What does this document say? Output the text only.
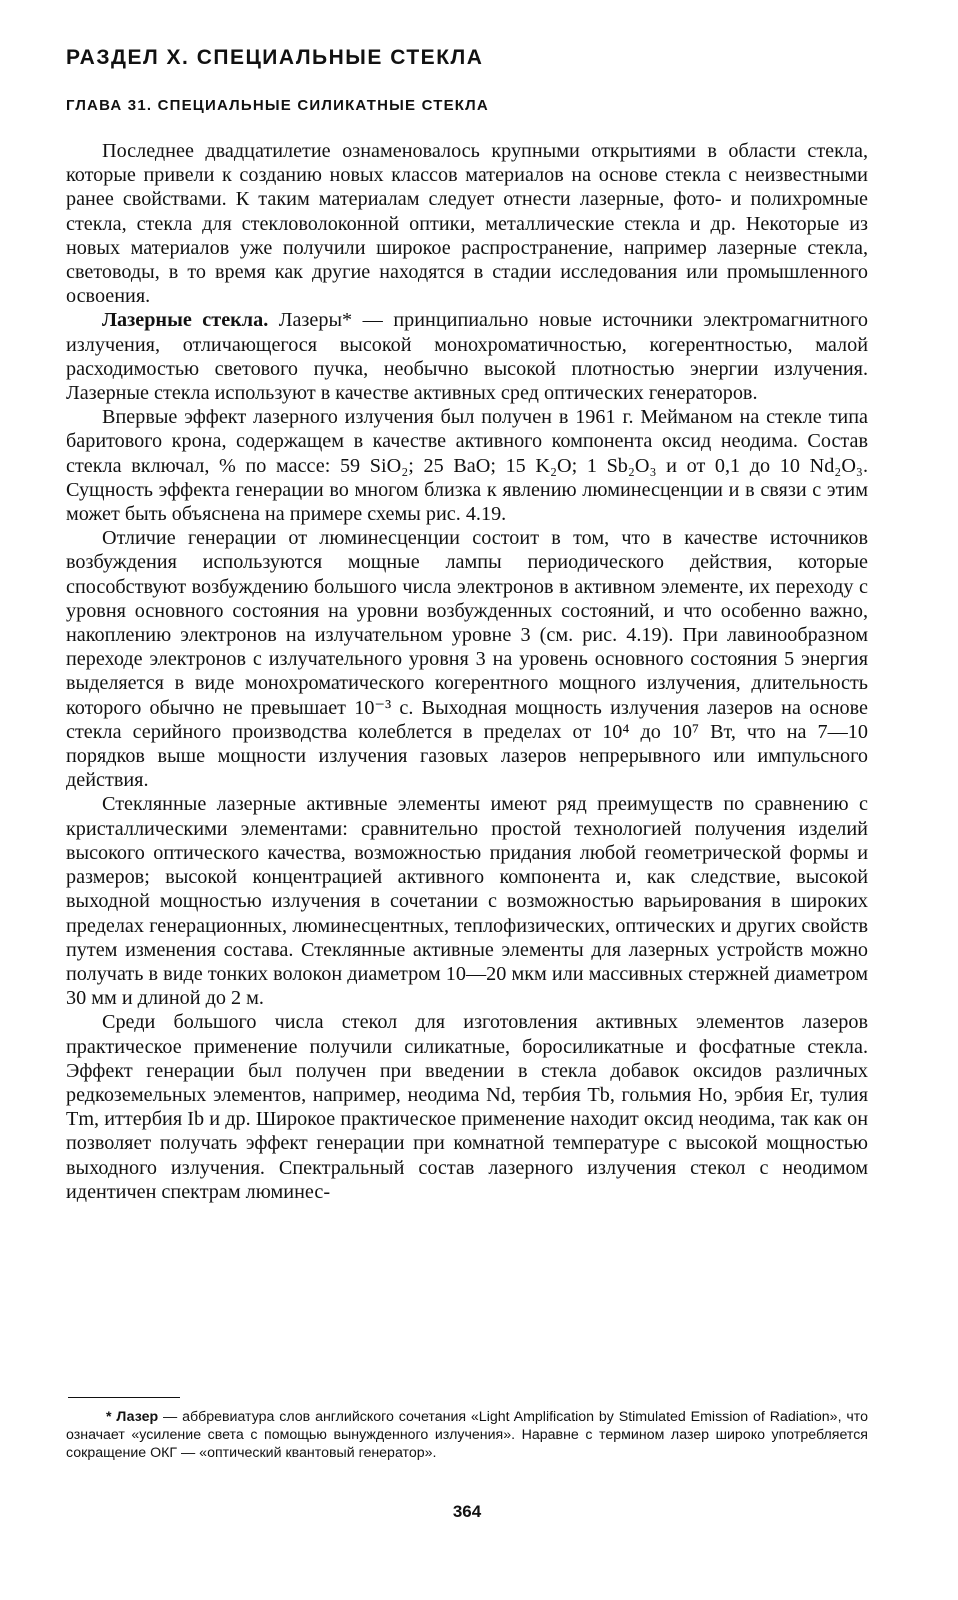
РАЗДЕЛ X. СПЕЦИАЛЬНЫЕ СТЕКЛА
ГЛАВА 31. СПЕЦИАЛЬНЫЕ СИЛИКАТНЫЕ СТЕКЛА

Последнее двадцатилетие ознаменовалось крупными открытиями в области стекла, которые привели к созданию новых классов материалов на основе стекла с неизвестными ранее свойствами. К таким материалам следует отнести лазерные, фото- и полихромные стекла, стекла для стекловолоконной оптики, металлические стекла и др. Некоторые из новых материалов уже получили широкое распространение, например лазерные стекла, световоды, в то время как другие находятся в стадии исследования или промышленного освоения.

Лазерные стекла. Лазеры* — принципиально новые источники электромагнитного излучения, отличающегося высокой монохроматичностью, когерентностью, малой расходимостью светового пучка, необычно высокой плотностью энергии излучения. Лазерные стекла используют в качестве активных сред оптических генераторов.

Впервые эффект лазерного излучения был получен в 1961 г. Мейманом на стекле типа баритового крона, содержащем в качестве активного компонента оксид неодима. Состав стекла включал, % по массе: 59 SiO₂; 25 BaO; 15 K₂O; 1 Sb₂O₃ и от 0,1 до 10 Nd₂O₃. Сущность эффекта генерации во многом близка к явлению люминесценции и в связи с этим может быть объяснена на примере схемы рис. 4.19.

Отличие генерации от люминесценции состоит в том, что в качестве источников возбуждения используются мощные лампы периодического действия, которые способствуют возбуждению большого числа электронов в активном элементе, их переходу с уровня основного состояния на уровни возбужденных состояний, и что особенно важно, накоплению электронов на излучательном уровне 3 (см. рис. 4.19). При лавинообразном переходе электронов с излучательного уровня 3 на уровень основного состояния 5 энергия выделяется в виде монохроматического когерентного мощного излучения, длительность которого обычно не превышает 10⁻³ с. Выходная мощность излучения лазеров на основе стекла серийного производства колеблется в пределах от 10⁴ до 10⁷ Вт, что на 7—10 порядков выше мощности излучения газовых лазеров непрерывного или импульсного действия.

Стеклянные лазерные активные элементы имеют ряд преимуществ по сравнению с кристаллическими элементами: сравнительно простой технологией получения изделий высокого оптического качества, возможностью придания любой геометрической формы и размеров; высокой концентрацией активного компонента и, как следствие, высокой выходной мощностью излучения в сочетании с возможностью варьирования в широких пределах генерационных, люминесцентных, теплофизических, оптических и других свойств путем изменения состава. Стеклянные активные элементы для лазерных устройств можно получать в виде тонких волокон диаметром 10—20 мкм или массивных стержней диаметром 30 мм и длиной до 2 м.

Среди большого числа стекол для изготовления активных элементов лазеров практическое применение получили силикатные, боросиликатные и фосфатные стекла. Эффект генерации был получен при введении в стекла добавок оксидов различных редкоземельных элементов, например, неодима Nd, тербия Tb, гольмия Ho, эрбия Er, тулия Tm, иттербия Ib и др. Широкое практическое применение находит оксид неодима, так как он позволяет получать эффект генерации при комнатной температуре с высокой мощностью выходного излучения. Спектральный состав лазерного излучения стекол с неодимом идентичен спектрам люминес-

* Лазер — аббревиатура слов английского сочетания «Light Amplification by Stimulated Emission of Radiation», что означает «усиление света с помощью вынужденного излучения». Наравне с термином лазер широко употребляется сокращение ОКГ — «оптический квантовый генератор».

364
